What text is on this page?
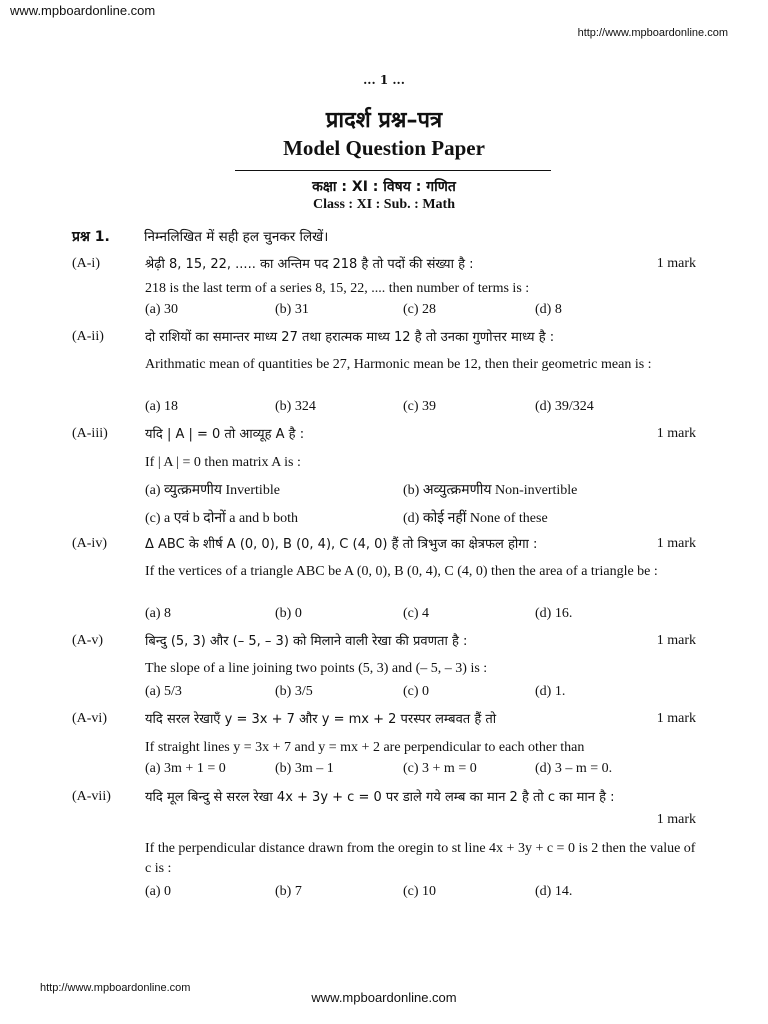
www.mpboardonline.com
http://www.mpboardonline.com
... 1 ...
प्रादर्श प्रश्न–पत्र
Model Question Paper
कक्षा : XI : विषय : गणित
Class : XI : Sub. : Math
प्रश्न 1.	निम्नलिखित में सही हल चुनकर लिखें।
(A-i)	श्रेढ़ी 8, 15, 22, ..... का अन्तिम पद 218 है तो पदों की संख्या है :	1 mark
218 is the last term of a series 8, 15, 22, .... then number of terms is :
(a) 30	(b) 31	(c) 28	(d) 8
(A-ii)	दो राशियों का समान्तर माध्य 27 तथा हरात्मक माध्य 12 है तो उनका गुणोत्तर माध्य है :
Arithmatic mean of quantities be 27, Harmonic mean be 12, then their geometric mean is :
(a) 18	(b) 324	(c) 39	(d) 39/324
(A-iii)	यदि | A | = 0 तो आव्यूह A है :	1 mark
If | A | = 0 then matrix A is :
(a) व्युत्क्रमणीय Invertible	(b) अव्युत्क्रमणीय Non-invertible
(c) a एवं b दोनों a and b both	(d) कोई नहीं None of these
(A-iv)	Δ ABC के शीर्ष A (0, 0), B (0, 4), C (4, 0) हैं तो त्रिभुज का क्षेत्रफल होगा :	1 mark
If the vertices of a triangle ABC be A (0, 0), B (0, 4), C (4, 0) then the area of a triangle be :
(a) 8	(b) 0	(c) 4	(d) 16.
(A-v)	बिन्दु (5, 3) और (– 5, – 3) को मिलाने वाली रेखा की प्रवणता है :	1 mark
The slope of a line joining two points (5, 3) and (– 5, – 3) is :
(a) 5/3	(b) 3/5	(c) 0	(d) 1.
(A-vi)	यदि सरल रेखाएँ y = 3x + 7 और y = mx + 2 परस्पर लम्बवत हैं तो	1 mark
If straight lines y = 3x + 7 and y = mx + 2 are perpendicular to each other than
(a) 3m + 1 = 0	(b) 3m – 1	(c) 3 + m = 0	(d) 3 – m = 0.
(A-vii)	यदि मूल बिन्दु से सरल रेखा 4x + 3y + c = 0 पर डाले गये लम्ब का मान 2 है तो c का मान है :
1 mark
If the perpendicular distance drawn from the oregin to st line 4x + 3y + c = 0 is 2 then the value of c is :
(a) 0	(b) 7	(c) 10	(d) 14.
http://www.mpboardonline.com
www.mpboardonline.com
